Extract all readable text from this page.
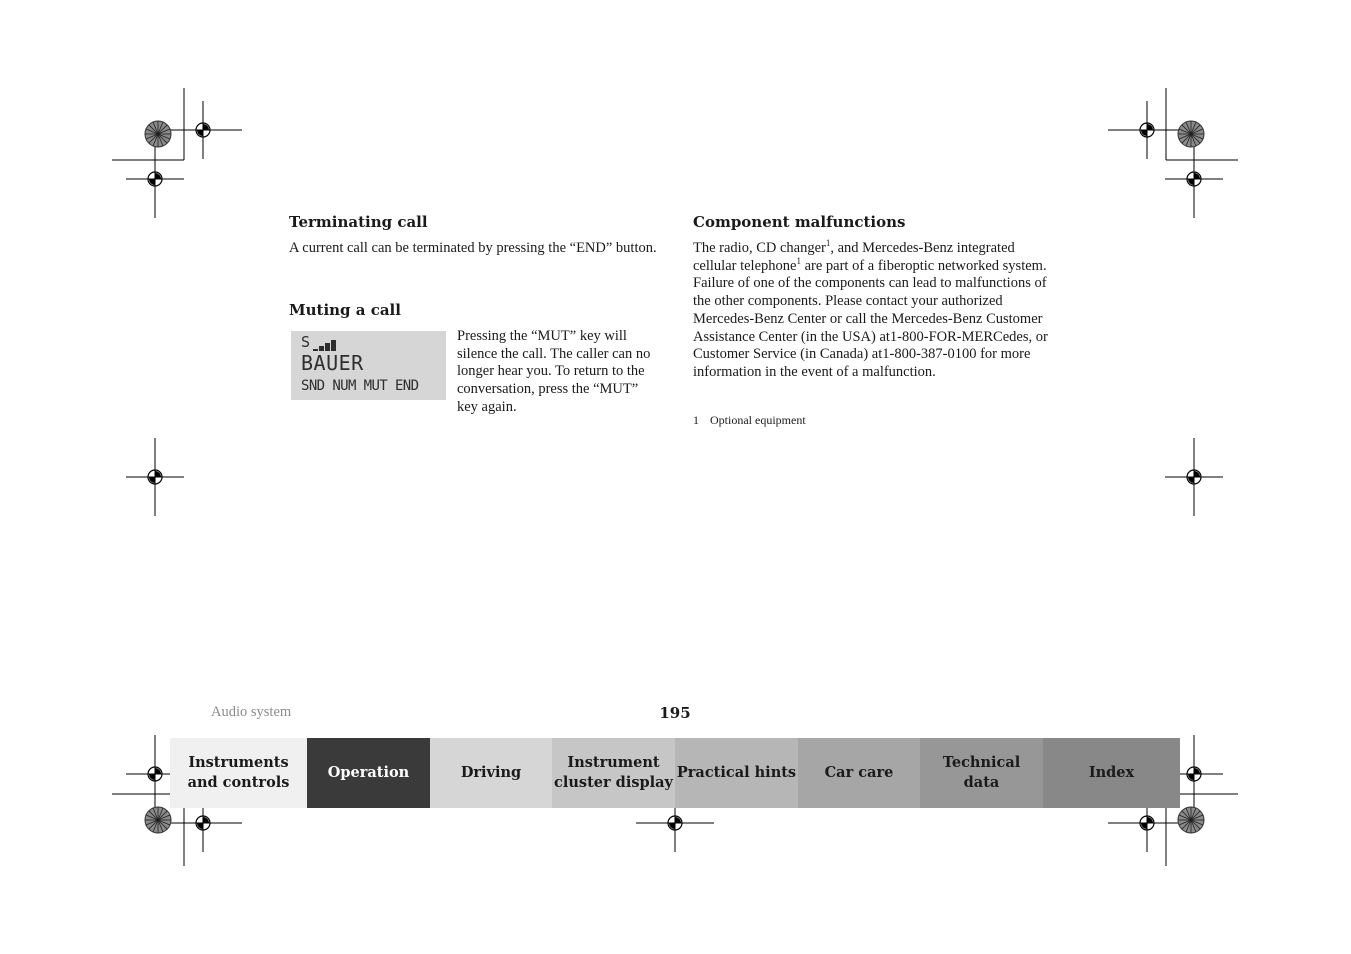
Terminating call

A current call can be terminated by pressing the “END” button.

Muting a call
S
BAUER
SND NUM MUT END

Pressing the “MUT” key will silence the call. The caller can no longer hear you. To return to the conversation, press the “MUT” key again.

Component malfunctions

The radio, CD changer$^1$, and Mercedes-Benz integrated cellular telephone$^1$ are part of a fiberoptic networked system. Failure of one of the components can lead to malfunctions of the other components. Please contact your authorized Mercedes-Benz Center or call the Mercedes-Benz Customer Assistance Center (in the USA) at1-800-FOR-MERCedes, or Customer Service (in Canada) at1-800-387-0100 for more information in the event of a malfunction.

1 Optional equipment
Audio system	195
Instruments
and controls
Operation	Driving
Instrument
cluster display
Practical hints Car care
Technical
data
Index
